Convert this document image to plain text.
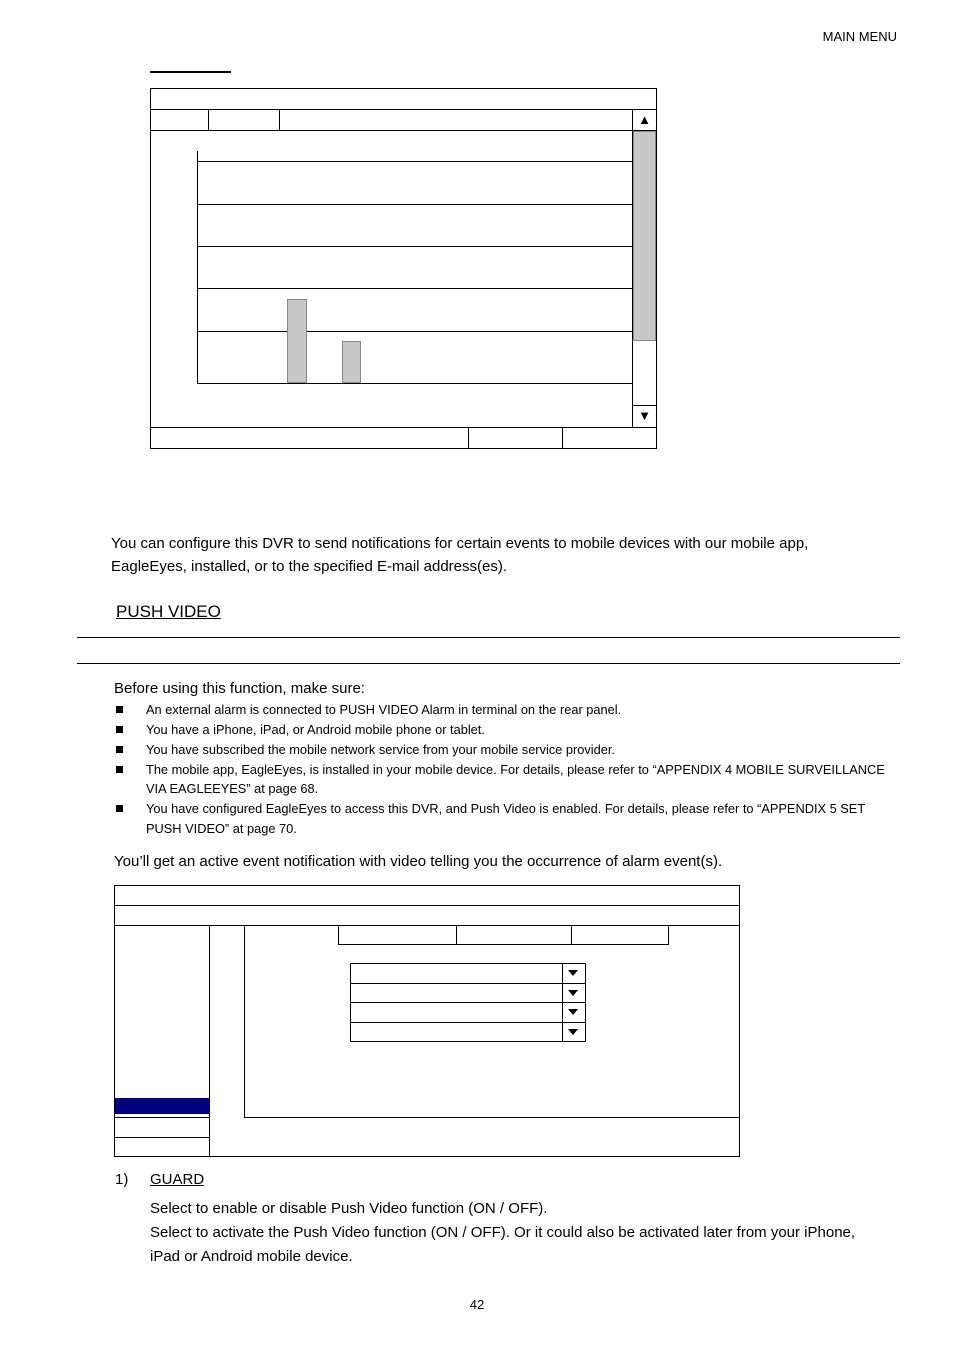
MAIN MENU
▲
▼
You can configure this DVR to send notifications for certain events to mobile devices with our mobile app, EagleEyes, installed, or to the specified E-mail address(es).
PUSH VIDEO
Before using this function, make sure:
An external alarm is connected to PUSH VIDEO Alarm in terminal on the rear panel.
You have a iPhone, iPad, or Android mobile phone or tablet.
You have subscribed the mobile network service from your mobile service provider.
The mobile app, EagleEyes, is installed in your mobile device. For details, please refer to “APPENDIX 4 MOBILE SURVEILLANCE
VIA EAGLEEYES” at page 68.
You have configured EagleEyes to access this DVR, and Push Video is enabled. For details, please refer to “APPENDIX 5 SET
PUSH VIDEO” at page 70.
You’ll get an active event notification with video telling you the occurrence of alarm event(s).
1) GUARD
Select to enable or disable Push Video function (ON / OFF).
Select to activate the Push Video function (ON / OFF). Or it could also be activated later from your iPhone,
iPad or Android mobile device.
42
